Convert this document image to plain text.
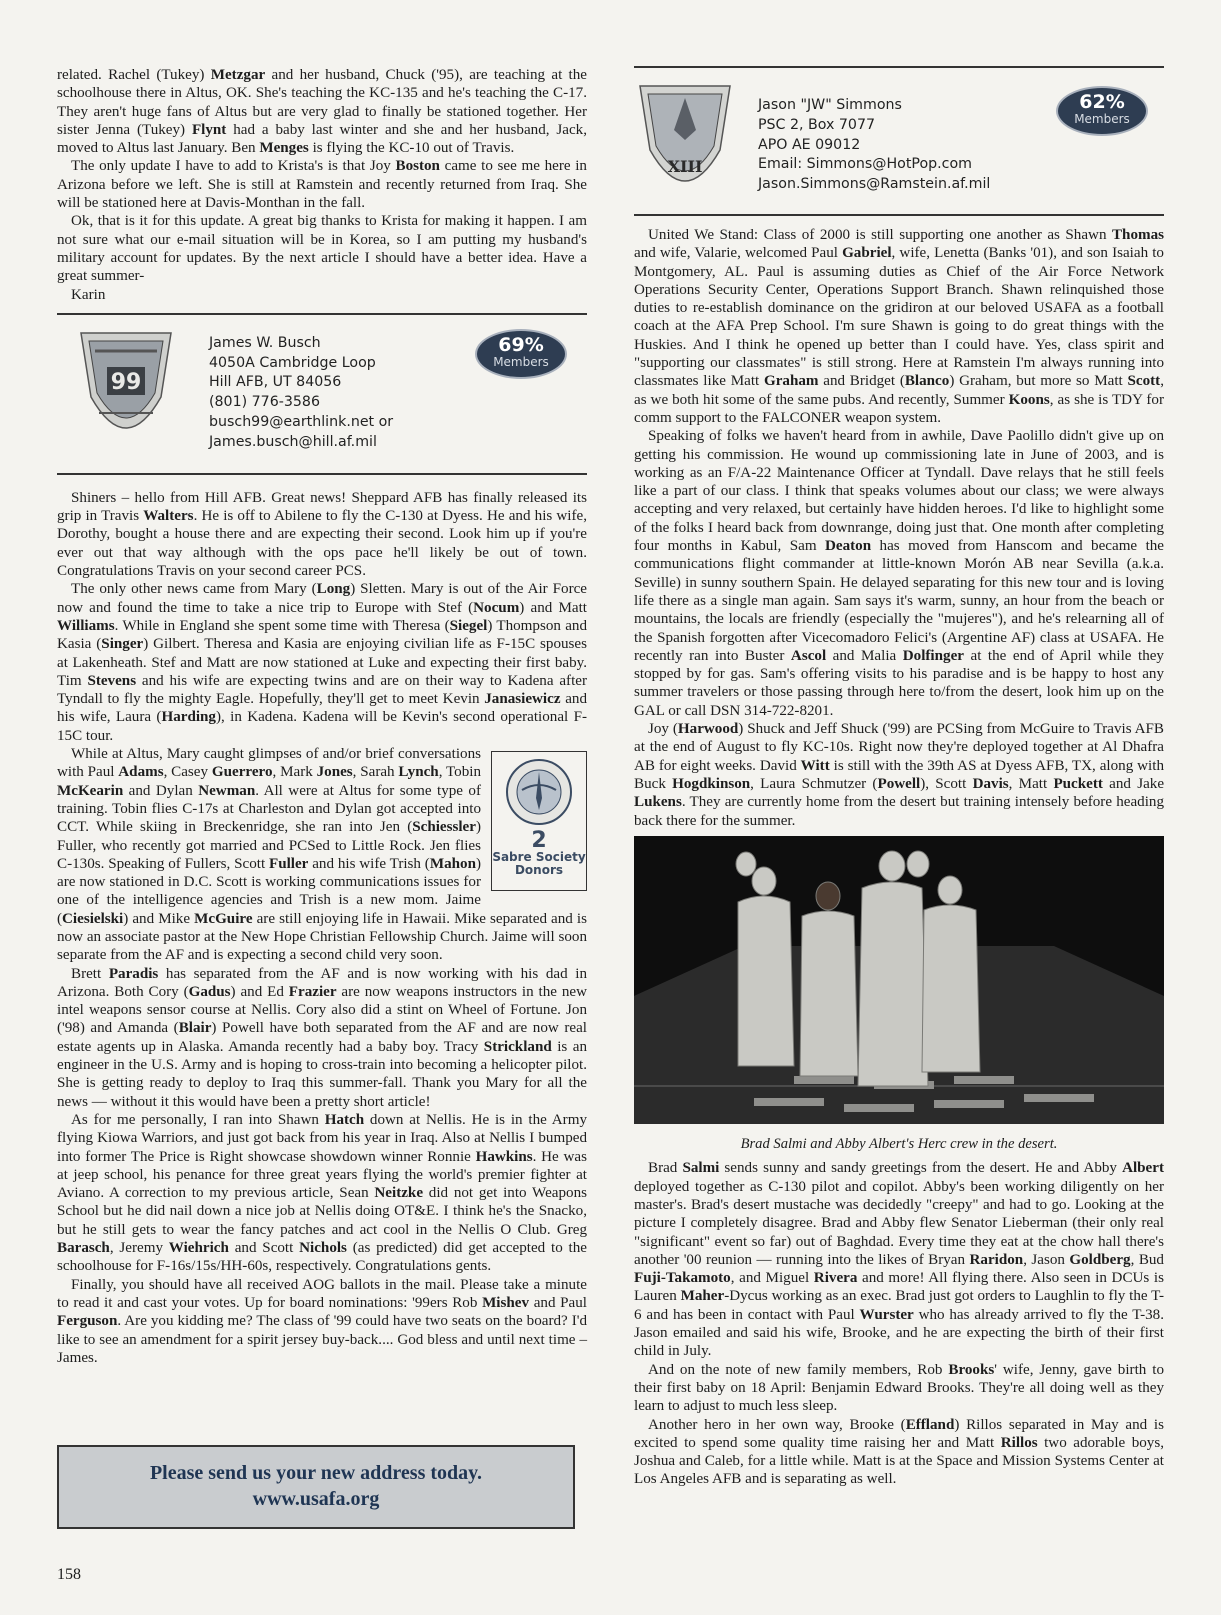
related. Rachel (Tukey) Metzgar and her husband, Chuck ('95), are teaching at the schoolhouse there in Altus, OK. She's teaching the KC-135 and he's teaching the C-17. They aren't huge fans of Altus but are very glad to finally be stationed together. Her sister Jenna (Tukey) Flynt had a baby last winter and she and her husband, Jack, moved to Altus last January. Ben Menges is flying the KC-10 out of Travis.

The only update I have to add to Krista's is that Joy Boston came to see me here in Arizona before we left. She is still at Ramstein and recently returned from Iraq. She will be stationed here at Davis-Monthan in the fall.

Ok, that is it for this update. A great big thanks to Krista for making it happen. I am not sure what our e-mail situation will be in Korea, so I am putting my husband's military account for updates. By the next article I should have a better idea. Have a great summer-

Karin

99
James W. Busch
4050A Cambridge Loop
Hill AFB, UT 84056
(801) 776-3586
busch99@earthlink.net or
James.busch@hill.af.mil
69%
Members

Shiners – hello from Hill AFB. Great news! Sheppard AFB has finally released its grip in Travis Walters. He is off to Abilene to fly the C-130 at Dyess. He and his wife, Dorothy, bought a house there and are expecting their second. Look him up if you're ever out that way although with the ops pace he'll likely be out of town. Congratulations Travis on your second career PCS.

The only other news came from Mary (Long) Sletten. Mary is out of the Air Force now and found the time to take a nice trip to Europe with Stef (Nocum) and Matt Williams. While in England she spent some time with Theresa (Siegel) Thompson and Kasia (Singer) Gilbert. Theresa and Kasia are enjoying civilian life as F-15C spouses at Lakenheath. Stef and Matt are now stationed at Luke and expecting their first baby. Tim Stevens and his wife are expecting twins and are on their way to Kadena after Tyndall to fly the mighty Eagle. Hopefully, they'll get to meet Kevin Janasiewicz and his wife, Laura (Harding), in Kadena. Kadena will be Kevin's second operational F-15C tour.

2
Sabre Society
Donors

While at Altus, Mary caught glimpses of and/or brief conversations with Paul Adams, Casey Guerrero, Mark Jones, Sarah Lynch, Tobin McKearin and Dylan Newman. All were at Altus for some type of training. Tobin flies C-17s at Charleston and Dylan got accepted into CCT. While skiing in Breckenridge, she ran into Jen (Schiessler) Fuller, who recently got married and PCSed to Little Rock. Jen flies C-130s. Speaking of Fullers, Scott Fuller and his wife Trish (Mahon) are now stationed in D.C. Scott is working communications issues for one of the intelligence agencies and Trish is a new mom. Jaime (Ciesielski) and Mike McGuire are still enjoying life in Hawaii. Mike separated and is now an associate pastor at the New Hope Christian Fellowship Church. Jaime will soon separate from the AF and is expecting a second child very soon.

Brett Paradis has separated from the AF and is now working with his dad in Arizona. Both Cory (Gadus) and Ed Frazier are now weapons instructors in the new intel weapons sensor course at Nellis. Cory also did a stint on Wheel of Fortune. Jon ('98) and Amanda (Blair) Powell have both separated from the AF and are now real estate agents up in Alaska. Amanda recently had a baby boy. Tracy Strickland is an engineer in the U.S. Army and is hoping to cross-train into becoming a helicopter pilot. She is getting ready to deploy to Iraq this summer-fall. Thank you Mary for all the news — without it this would have been a pretty short article!

As for me personally, I ran into Shawn Hatch down at Nellis. He is in the Army flying Kiowa Warriors, and just got back from his year in Iraq. Also at Nellis I bumped into former The Price is Right showcase showdown winner Ronnie Hawkins. He was at jeep school, his penance for three great years flying the world's premier fighter at Aviano. A correction to my previous article, Sean Neitzke did not get into Weapons School but he did nail down a nice job at Nellis doing OT&E. I think he's the Snacko, but he still gets to wear the fancy patches and act cool in the Nellis O Club. Greg Barasch, Jeremy Wiehrich and Scott Nichols (as predicted) did get accepted to the schoolhouse for F-16s/15s/HH-60s, respectively. Congratulations gents.

Finally, you should have all received AOG ballots in the mail. Please take a minute to read it and cast your votes. Up for board nominations: '99ers Rob Mishev and Paul Ferguson. Are you kidding me? The class of '99 could have two seats on the board? I'd like to see an amendment for a spirit jersey buy-back.... God bless and until next time – James.

Please send us your new address today.
www.usafa.org
158
XIII
Jason "JW" Simmons
PSC 2, Box 7077
APO AE 09012
Email: Simmons@HotPop.com
Jason.Simmons@Ramstein.af.mil
62%
Members

United We Stand: Class of 2000 is still supporting one another as Shawn Thomas and wife, Valarie, welcomed Paul Gabriel, wife, Lenetta (Banks '01), and son Isaiah to Montgomery, AL. Paul is assuming duties as Chief of the Air Force Network Operations Security Center, Operations Support Branch. Shawn relinquished those duties to re-establish dominance on the gridiron at our beloved USAFA as a football coach at the AFA Prep School. I'm sure Shawn is going to do great things with the Huskies. And I think he opened up better than I could have. Yes, class spirit and "supporting our classmates" is still strong. Here at Ramstein I'm always running into classmates like Matt Graham and Bridget (Blanco) Graham, but more so Matt Scott, as we both hit some of the same pubs. And recently, Summer Koons, as she is TDY for comm support to the FALCONER weapon system.

Speaking of folks we haven't heard from in awhile, Dave Paolillo didn't give up on getting his commission. He wound up commissioning late in June of 2003, and is working as an F/A-22 Maintenance Officer at Tyndall. Dave relays that he still feels like a part of our class. I think that speaks volumes about our class; we were always accepting and very relaxed, but certainly have hidden heroes. I'd like to highlight some of the folks I heard back from downrange, doing just that. One month after completing four months in Kabul, Sam Deaton has moved from Hanscom and became the communications flight commander at little-known Morón AB near Sevilla (a.k.a. Seville) in sunny southern Spain. He delayed separating for this new tour and is loving life there as a single man again. Sam says it's warm, sunny, an hour from the beach or mountains, the locals are friendly (especially the "mujeres"), and he's relearning all of the Spanish forgotten after Vicecomadoro Felici's (Argentine AF) class at USAFA. He recently ran into Buster Ascol and Malia Dolfinger at the end of April while they stopped by for gas. Sam's offering visits to his paradise and is be happy to host any summer travelers or those passing through here to/from the desert, look him up on the GAL or call DSN 314-722-8201.

Joy (Harwood) Shuck and Jeff Shuck ('99) are PCSing from McGuire to Travis AFB at the end of August to fly KC-10s. Right now they're deployed together at Al Dhafra AB for eight weeks. David Witt is still with the 39th AS at Dyess AFB, TX, along with Buck Hogdkinson, Laura Schmutzer (Powell), Scott Davis, Matt Puckett and Jake Lukens. They are currently home from the desert but training intensely before heading back there for the summer.

Brad Salmi and Abby Albert's Herc crew in the desert.

Brad Salmi sends sunny and sandy greetings from the desert. He and Abby Albert deployed together as C-130 pilot and copilot. Abby's been working diligently on her master's. Brad's desert mustache was decidedly "creepy" and had to go. Looking at the picture I completely disagree. Brad and Abby flew Senator Lieberman (their only real "significant" event so far) out of Baghdad. Every time they eat at the chow hall there's another '00 reunion — running into the likes of Bryan Raridon, Jason Goldberg, Bud Fuji-Takamoto, and Miguel Rivera and more! All flying there. Also seen in DCUs is Lauren Maher-Dycus working as an exec. Brad just got orders to Laughlin to fly the T-6 and has been in contact with Paul Wurster who has already arrived to fly the T-38. Jason emailed and said his wife, Brooke, and he are expecting the birth of their first child in July.

And on the note of new family members, Rob Brooks' wife, Jenny, gave birth to their first baby on 18 April: Benjamin Edward Brooks. They're all doing well as they learn to adjust to much less sleep.

Another hero in her own way, Brooke (Effland) Rillos separated in May and is excited to spend some quality time raising her and Matt Rillos two adorable boys, Joshua and Caleb, for a little while. Matt is at the Space and Mission Systems Center at Los Angeles AFB and is separating as well.
